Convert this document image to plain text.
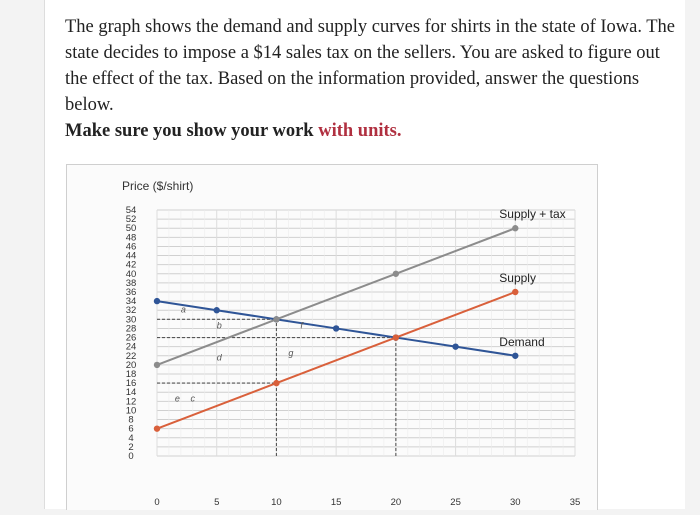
The graph shows the demand and supply curves for shirts in the state of Iowa. The state decides to impose a $14 sales tax on the sellers. You are asked to figure out the effect of the tax. Based on the information provided, answer the questions below.

Make sure you show your work with units.

Price ($/shirt)
Demand
Supply
Supply + tax
0
2
4
6
8
10
12
14
16
18
20
22
24
26
28
30
32
34
36
38
40
42
44
46
48
50
52
54
0	5	10	15	20	25	30	35
a
b
c
d
e
f
g
